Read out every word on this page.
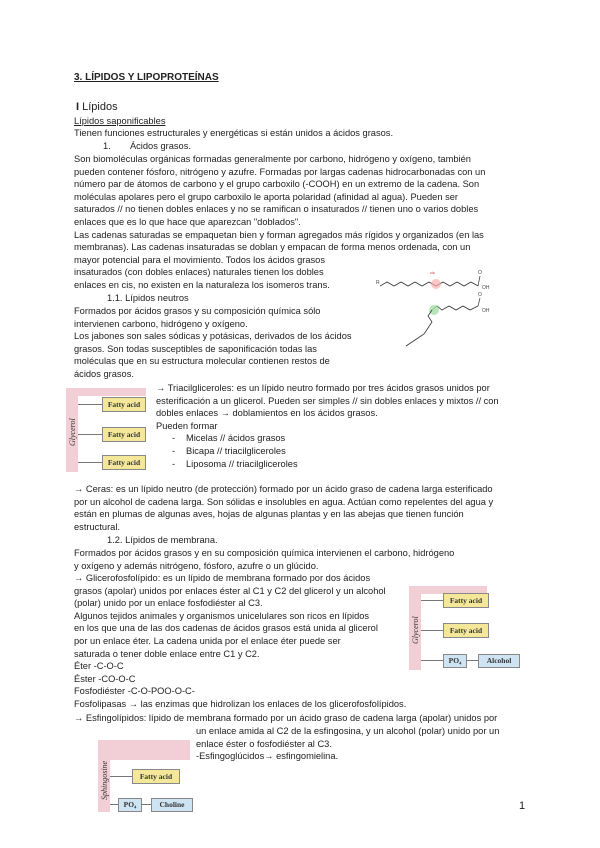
3. LÍPIDOS Y LIPOPROTEÍNAS
I Lípidos
Lípidos saponificables
Tienen funciones estructurales y energéticas si están unidos a ácidos grasos.
1. Ácidos grasos.
Son biomoléculas orgánicas formadas generalmente por carbono, hidrógeno y oxígeno, también
pueden contener fósforo, nitrógeno y azufre. Formadas por largas cadenas hidrocarbonadas con un
número par de átomos de carbono y el grupo carboxilo (-COOH) en un extremo de la cadena. Son
moléculas apolares pero el grupo carboxilo le aporta polaridad (afinidad al agua). Pueden ser
saturados // no tienen dobles enlaces y no se ramifican o insaturados // tienen uno o varios dobles
enlaces que es lo que hace que aparezcan "doblados".
Las cadenas saturadas se empaquetan bien y forman agregados más rígidos y organizados (en las
membranas). Las cadenas insaturadas se doblan y empacan de forma menos ordenada, con un
mayor potencial para el movimiento. Todos los ácidos grasos
insaturados (con dobles enlaces) naturales tienen los dobles
enlaces en cis, no existen en la naturaleza los isomeros trans.	R
O
OH
cis
O
OH
1.1. Lípidos neutros
Formados por ácidos grasos y su composición química sólo
intervienen carbono, hidrógeno y oxígeno.
Los jabones son sales sódicas y potásicas, derivados de los ácidos
grasos. Son todas susceptibles de saponificación todas las
moléculas que en su estructura molecular contienen restos de
ácidos grasos.
Glycerol
Fatty acid
Fatty acid
Fatty acid
→ Triacilgliceroles: es un lípido neutro formado por tres ácidos grasos unidos por
esterificación a un glicerol. Pueden ser simples // sin dobles enlaces y mixtos // con
dobles enlaces → doblamientos en los ácidos grasos.
Pueden formar
- Micelas // ácidos grasos
- Bicapa // triacilgliceroles
- Liposoma // triacilgliceroles
→ Ceras: es un lípido neutro (de protección) formado por un ácido graso de cadena larga esterificado
por un alcohol de cadena larga. Son sólidas e insolubles en agua. Actúan como repelentes del agua y
están en plumas de algunas aves, hojas de algunas plantas y en las abejas que tienen función
estructural.
1.2. Lípidos de membrana.
Formados por ácidos grasos y en su composición química intervienen el carbono, hidrógeno
y oxígeno y además nitrógeno, fósforo, azufre o un glúcido.
→ Glicerofosfolípido: es un lípido de membrana formado por dos ácidos
grasos (apolar) unidos por enlaces éster al C1 y C2 del glicerol y un alcohol
(polar) unido por un enlace fosfodiéster al C3.
Algunos tejidos animales y organismos unicelulares son ricos en lípidos
en los que una de las dos cadenas de ácidos grasos está unida al glicerol
por un enlace éter. La cadena unida por el enlace éter puede ser
saturada o tener doble enlace entre C1 y C2.
Éter -C-O-C
Éster -CO-O-C
Fosfodiéster -C-O-POO-O-C-
Fosfolipasas → las enzimas que hidrolizan los enlaces de los glicerofosfolípidos.
Glycerol
Fatty acid
Fatty acid
PO₄	Alcohol
→ Esfingolípidos: lípido de membrana formado por un ácido graso de cadena larga (apolar) unidos por
un enlace amida al C2 de la esfingosina, y un alcohol (polar) unido por un
enlace éster o fosfodiéster al C3.
-Esfingoglúcidos→ esfingomielina.
Sphingosine	Fatty acid
PO₄	Choline	1
